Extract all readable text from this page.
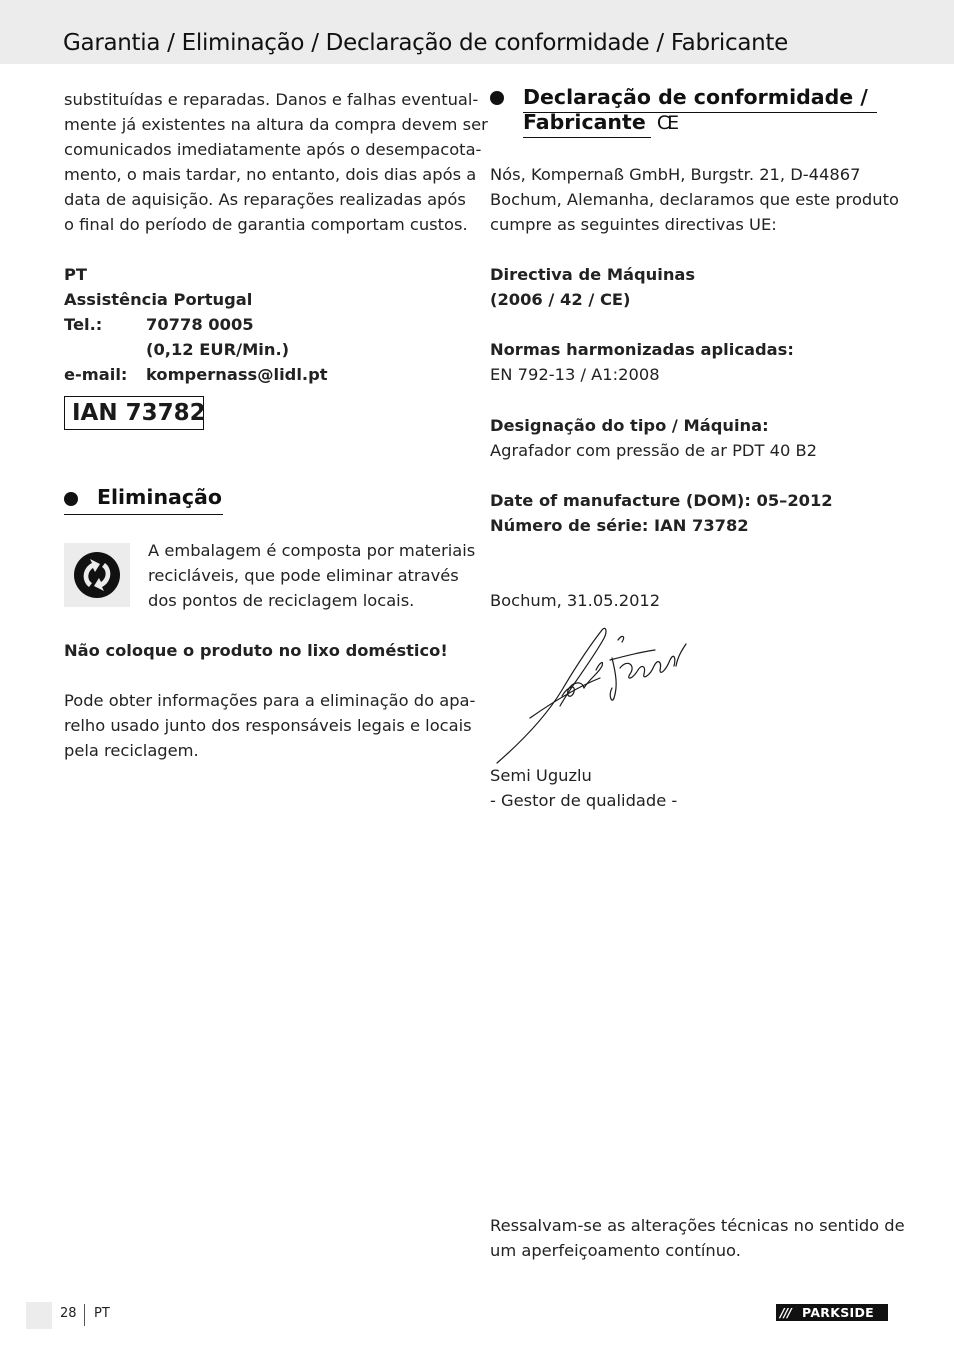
Garantia / Eliminação / Declaração de conformidade / Fabricante
substituídas e reparadas. Danos e falhas eventual-
mente já existentes na altura da compra devem ser
comunicados imediatamente após o desempacota-
mento, o mais tardar, no entanto, dois dias após a
data de aquisição. As reparações realizadas após
o final do período de garantia comportam custos.
PT
Assistência Portugal
Tel.:	70778 0005
(0,12 EUR/Min.)
e-mail: kompernass@lidl.pt
IAN 73782
Eliminação
A embalagem é composta por materiais
recicláveis, que pode eliminar através
dos pontos de reciclagem locais.
Não coloque o produto no lixo doméstico!
Pode obter informações para a eliminação do apa-
relho usado junto dos responsáveis legais e locais
pela reciclagem.
Declaração de conformidade /
Fabricante CE
Nós, Kompernaß GmbH, Burgstr. 21, D-44867
Bochum, Alemanha, declaramos que este produto
cumpre as seguintes directivas UE:
Directiva de Máquinas
(2006 / 42 / CE)
Normas harmonizadas aplicadas:
EN 792-13 / A1:2008
Designação do tipo / Máquina:
Agrafador com pressão de ar PDT 40 B2
Date of manufacture (DOM): 05–2012
Número de série: IAN 73782
Bochum, 31.05.2012
Semi Uguzlu
- Gestor de qualidade -
Ressalvam-se as alterações técnicas no sentido de
um aperfeiçoamento contínuo.
28 PT	/// PARKSIDE
